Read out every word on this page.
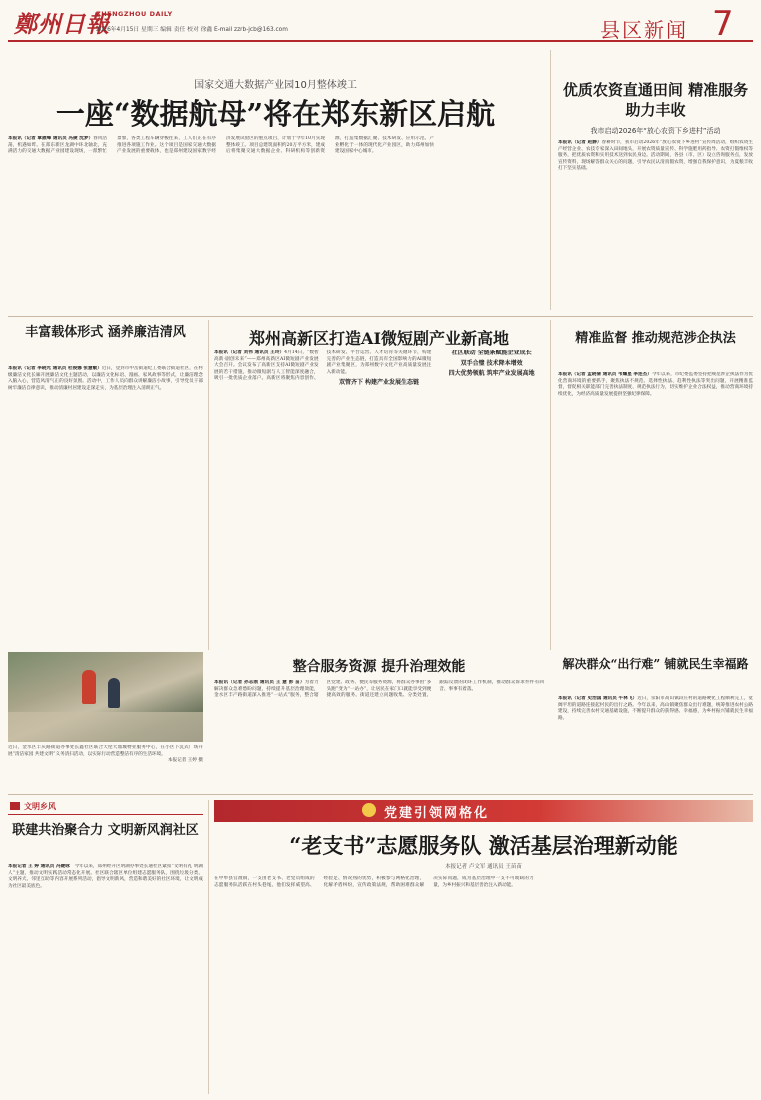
鄭州日報
ZHENGZHOU DAILY
2026年4月15日 星期三 编辑 责任 校对 徐鑫 E-mail zzrb-jcb@163.com	县区新闻 7
国家交通大数据产业园10月整体竣工
一座“数据航母”将在郑东新区启航
本报讯（记者 覃崴峰 通讯员 冯捷 沈梦）春风浩荡，机遇如昨。在郑东新区龙湖中环北轴北，充满活力的交通大数据产业园建设现场，一派繁忙景象，各类工程车辆穿梭往来，工人们正在有序推进各项施工作业。这个项目是国家交通大数据产业发展的重要载体，也是郑州建设国家数字经济发展试验区的重点项目，计划于今年10月实现整体竣工。项目总建筑面积约20万平方米，建成后将集聚交通大数据企业、科研机构等创新资源，打造集数据汇聚、技术研发、应用示范、产业孵化于一体的现代化产业园区，助力郑州加快建设国家中心城市。
优质农资直通田间 精准服务助力丰收
我市启动2026年“放心农资下乡进村”活动
本报讯（记者 赵静）春耕时节，我市启动2026年“放心农资下乡进村”宣传周活动，组织农资生产经营企业、农技专家深入田间地头，开展农资质量宣传、科学施肥用药指导、农资打假维权等服务，把优质农资和实用技术送到农民身边。活动期间，各县（市、区）设立咨询服务点，发放宣传资料，现场解答群众关心的问题，引导农民认清真假农资，增强自我保护意识，为夏粮丰收打下坚实基础。
丰富载体形式 涵养廉洁清风
本报讯（记者 李晓光 通讯员 杜俊娜 张慧敏）近日，登封市中岳街道纪工委联合街道社区，在村级廉洁文化长廊开展廉洁文化主题活动，以廉洁文化标语、漫画、家风故事等形式，让廉洁理念入脑入心，营造风清气正的良好氛围。活动中，工作人员向群众讲解廉洁小故事，引导党员干部树牢廉洁自律意识，推动清廉村居建设走深走实，为基层治理注入清朗正气。
郑州高新区打造AI微短剧产业新高地
本报讯（记者 刘伟 通讯员 王玲）4月14日，“数智高新·剧创未来”——郑州高新区AI微短剧产业发展大会召开。会议发布了高新区支持AI微短剧产业发展的若干措施，推动微短剧与人工智能深度融合，吸引一批优质企业落户。高新区将聚焦内容创作、技术研发、平台运营、人才培育等关键环节，构建完善的产业生态链，打造具有全国影响力的AI微短剧产业集聚区，为郑州数字文化产业高质量发展注入新动能。
双管齐下 构建产业发展生态链
社区联动 全链条赋能企业成长
双手合璧 技术降本增效
四大优势领航 筑牢产业发展高地
精准监督 推动规范涉企执法
本报讯（记者 孟晓倩 通讯员 韦耀星 李连杰）今年以来，市纪委监委坚持把规范涉企执法作为优化营商环境的重要抓手，聚焦执法不规范、选择性执法、趋利性执法等突出问题，开展精准监督，督促相关职能部门完善执法制度、规范执法行为，切实维护企业合法权益，推动营商环境持续优化，为经济高质量发展提供坚强纪律保障。
近日，金水区丰庆路街道办事处长鑫社区联合天伦大鼎城物业服务中心，在小区下沉式广场开展“清洁家园 共建文明”义务清扫活动，以实际行动营造整洁有序的生活环境。
本报记者 王婷 摄
整合服务资源 提升治理效能
本报讯（记者 孙志刚 通讯员 王 慧 彭 苗）为着力解决群众急难愁盼问题，持续提升基层治理效能，金水区丰产路街道深入推进“一站式”服务，整合辖区党建、政务、便民等服务资源，将群众办事由“多头跑”变为“一站办”，让居民在家门口就能享受到便捷高效的服务。街道还建立问题收集、分类处置、跟踪反馈的闭环工作机制，推动群众诉求件件有回音、事事有着落。
解决群众“出行难” 铺就民生幸福路
本报讯（记者 史治国 通讯员 牛林飞）近日，荥阳市高山镇段庄村的道路硬化工程顺利完工，宽阔平坦的道路连接起村民的出行之路。今年以来，高山镇聚焦群众出行难题，统筹推进农村公路建设，持续完善农村交通基础设施，不断提升群众的获得感、幸福感，为乡村振兴铺就民生幸福路。
文明乡风
联建共治聚合力 文明新风润社区
本报记者 王 婷 通讯员 冯婕咏　 今年以来，郑州经开区明湖办事处长通社区紧扣“文明有礼 明湖人”主题，推动文明实践活动常态化开展。社区联合辖区单位组建志愿服务队，围绕垃圾分类、文明养犬、邻里互助等内容开展系列活动，倡导文明新风，营造和谐美好的社区环境，让文明成为社区最美底色。
党建引领网格化
“老支书”志愿服务队 激活基层治理新动能
本报记者 卢文军 通讯员 王苗苗
在中牟县官渡镇，一支由老支书、老党员组成的志愿服务队活跃在村头巷尾。他们发挥威望高、经验足、情况熟的优势，积极参与网格化治理，化解矛盾纠纷，宣传政策法规，帮助困难群众解决实际问题，成为基层治理中一支不可或缺的力量，为乡村振兴和基层善治注入新动能。
